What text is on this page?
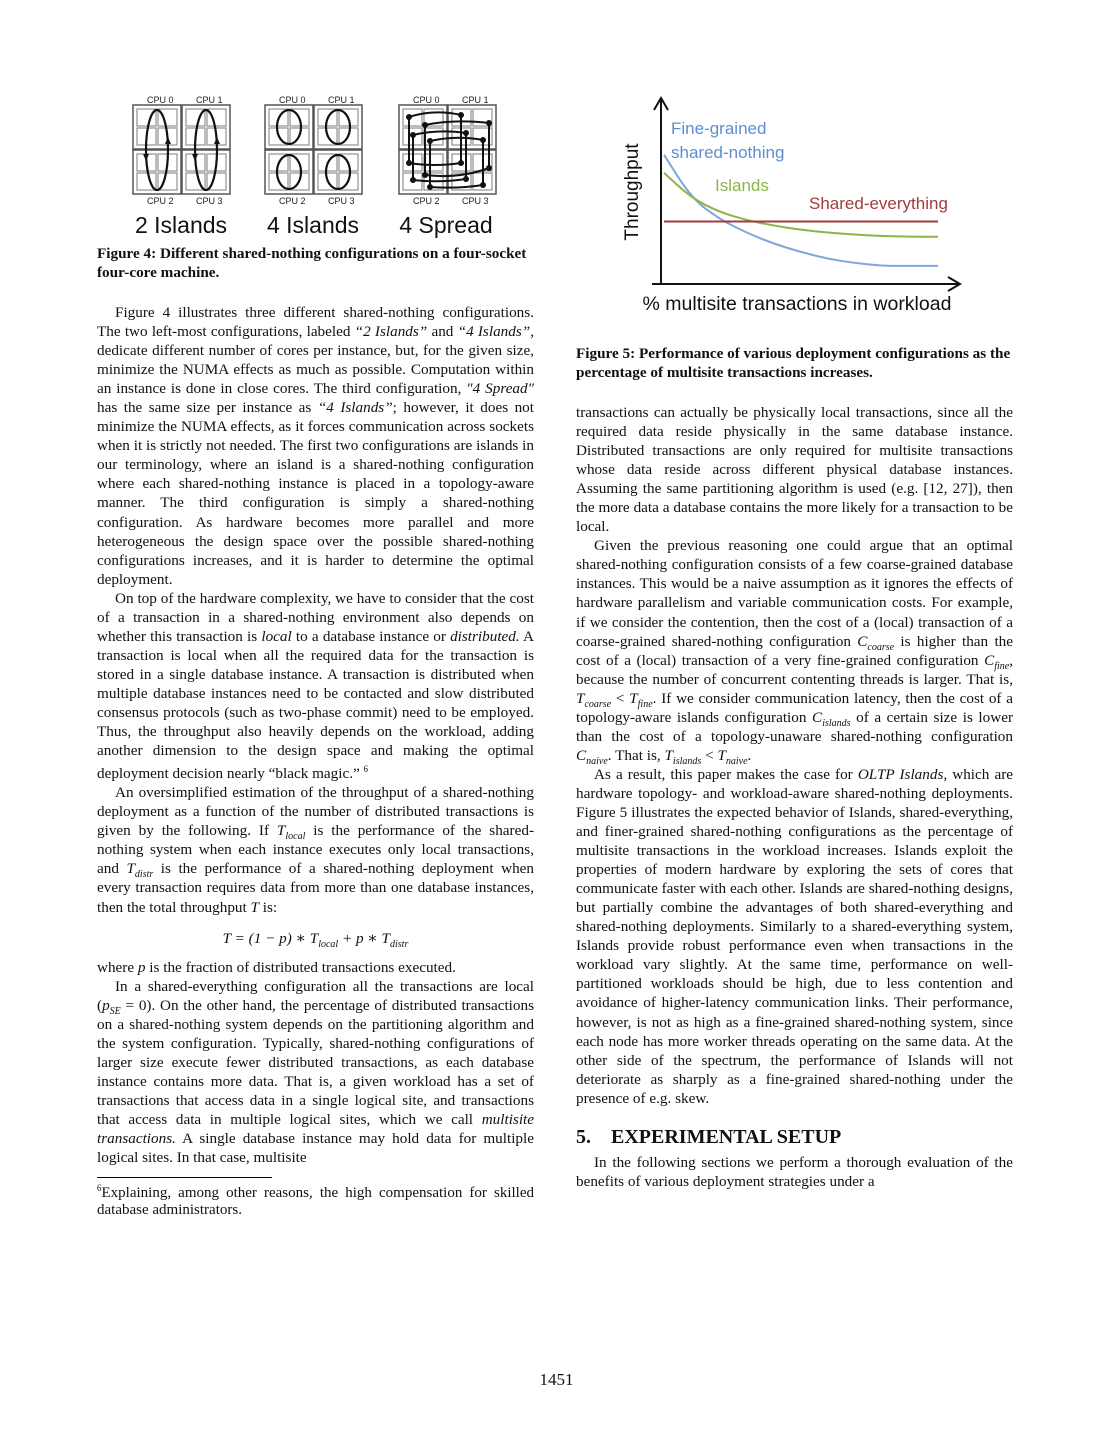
CPU 0 CPU 1
CPU 2 CPU 3
CPU 0 CPU 1
CPU 2 CPU 3
CPU 0 CPU 1
CPU 2 CPU 3
2 Islands	4 Islands	4 Spread	Throughput
Fine-grained
shared-nothing
Islands
Shared-everything
% multisite transactions in workload
Figure 4: Different shared-nothing configurations on a four-socket four-core machine.

Figure 4 illustrates three different shared-nothing configurations. The two left-most configurations, labeled “2 Islands” and “4 Islands”, dedicate different number of cores per instance, but, for the given size, minimize the NUMA effects as much as possible. Computation within an instance is done in close cores. The third configuration, "4 Spread" has the same size per instance as “4 Islands”; however, it does not minimize the NUMA effects, as it forces communication across sockets when it is strictly not needed. The first two configurations are islands in our terminology, where an island is a shared-nothing configuration where each shared-nothing instance is placed in a topology-aware manner. The third configuration is simply a shared-nothing configuration. As hardware becomes more parallel and more heterogeneous the design space over the possible shared-nothing configurations increases, and it is harder to determine the optimal deployment.

On top of the hardware complexity, we have to consider that the cost of a transaction in a shared-nothing environment also depends on whether this transaction is local to a database instance or distributed. A transaction is local when all the required data for the transaction is stored in a single database instance. A transaction is distributed when multiple database instances need to be contacted and slow distributed consensus protocols (such as two-phase commit) need to be employed. Thus, the throughput also heavily depends on the workload, adding another dimension to the design space and making the optimal deployment decision nearly “black magic.” $^6$

An oversimplified estimation of the throughput of a shared-nothing deployment as a function of the number of distributed transactions is given by the following. If $T_{local}$ is the performance of the shared-nothing system when each instance executes only local transactions, and $T_{distr}$ is the performance of a shared-nothing deployment when every transaction requires data from more than one database instances, then the total throughput T is:

T = (1 − p) ∗ $T_{local} + p$ ∗ $T_{distr}$

where p is the fraction of distributed transactions executed.

In a shared-everything configuration all the transactions are local $(p_{SE} = 0)$. On the other hand, the percentage of distributed transactions on a shared-nothing system depends on the partitioning algorithm and the system configuration. Typically, shared-nothing configurations of larger size execute fewer distributed transactions, as each database instance contains more data. That is, a given workload has a set of transactions that access data in a single logical site, and transactions that access data in multiple logical sites, which we call multisite transactions. A single database instance may hold data for multiple logical sites. In that case, multisite

$^6$Explaining, among other reasons, the high compensation for skilled database administrators.

Figure 5: Performance of various deployment configurations as the percentage of multisite transactions increases.

transactions can actually be physically local transactions, since all the required data reside physically in the same database instance. Distributed transactions are only required for multisite transactions whose data reside across different physical database instances. Assuming the same partitioning algorithm is used (e.g. [12, 27]), then the more data a database contains the more likely for a transaction to be local.

Given the previous reasoning one could argue that an optimal shared-nothing configuration consists of a few coarse-grained database instances. This would be a naive assumption as it ignores the effects of hardware parallelism and variable communication costs. For example, if we consider the contention, then the cost of a (local) transaction of a coarse-grained shared-nothing configuration $C_{coarse}$ is higher than the cost of a (local) transaction of a very fine-grained configuration $C_{fine}$, because the number of concurrent contenting threads is larger. That is, $T_{coarse} < T_{fine}$. If we consider communication latency, then the cost of a topology-aware islands configuration $C_{islands}$ of a certain size is lower than the cost of a topology-unaware shared-nothing configuration $C_{naive}$. That is, $T_{islands} < T_{naive}$.

As a result, this paper makes the case for OLTP Islands, which are hardware topology- and workload-aware shared-nothing deployments. Figure 5 illustrates the expected behavior of Islands, shared-everything, and finer-grained shared-nothing configurations as the percentage of multisite transactions in the workload increases. Islands exploit the properties of modern hardware by exploring the sets of cores that communicate faster with each other. Islands are shared-nothing designs, but partially combine the advantages of both shared-everything and shared-nothing deployments. Similarly to a shared-everything system, Islands provide robust performance even when transactions in the workload vary slightly. At the same time, performance on well-partitioned workloads should be high, due to less contention and avoidance of higher-latency communication links. Their performance, however, is not as high as a fine-grained shared-nothing system, since each node has more worker threads operating on the same data. At the other side of the spectrum, the performance of Islands will not deteriorate as sharply as a fine-grained shared-nothing under the presence of e.g. skew.

5.    EXPERIMENTAL SETUP

In the following sections we perform a thorough evaluation of the benefits of various deployment strategies under a

1451
